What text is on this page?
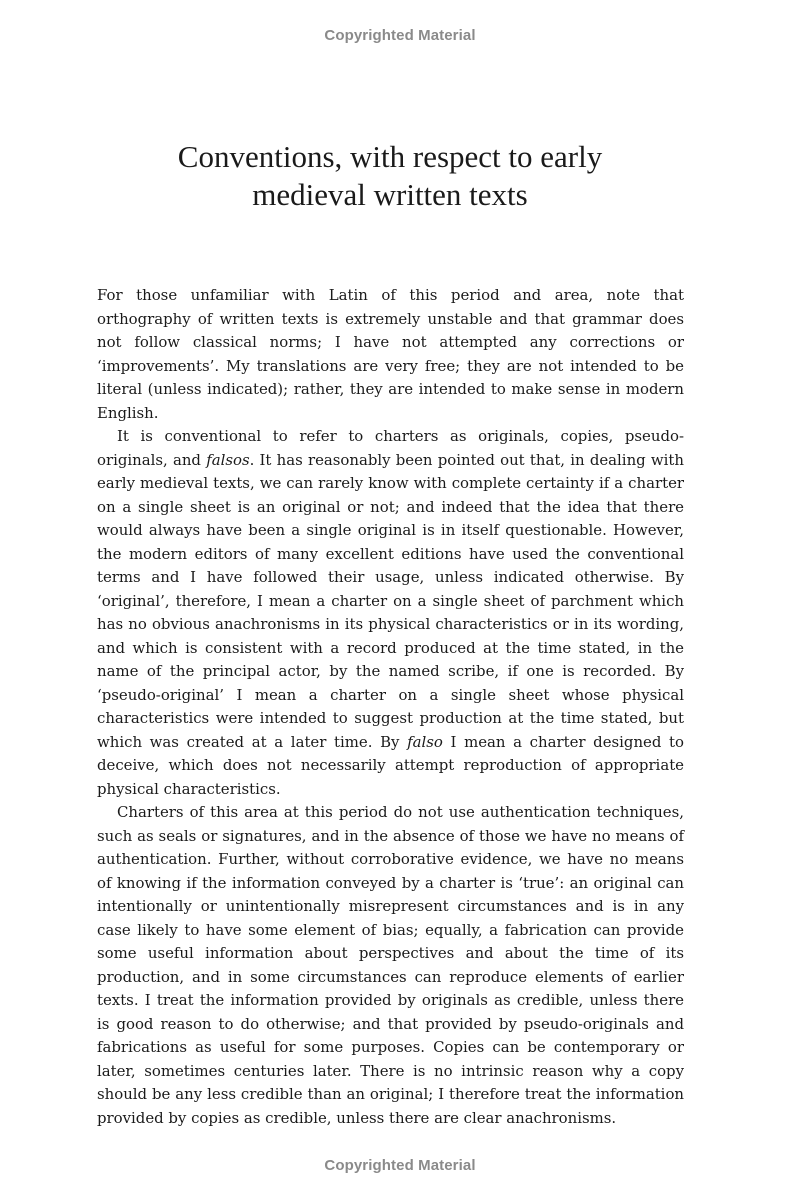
Copyrighted Material
Conventions, with respect to early
medieval written texts

For those unfamiliar with Latin of this period and area, note that orthography of written texts is extremely unstable and that grammar does not follow classical norms; I have not attempted any corrections or ‘improvements’. My translations are very free; they are not intended to be literal (unless indicated); rather, they are intended to make sense in modern English.

It is conventional to refer to charters as originals, copies, pseudo-originals, and falsos. It has reasonably been pointed out that, in dealing with early medieval texts, we can rarely know with complete certainty if a charter on a single sheet is an original or not; and indeed that the idea that there would always have been a single original is in itself questionable. However, the modern editors of many excellent editions have used the conventional terms and I have followed their usage, unless indicated otherwise. By ‘original’, therefore, I mean a charter on a single sheet of parchment which has no obvious anachronisms in its physical characteristics or in its wording, and which is consistent with a record produced at the time stated, in the name of the principal actor, by the named scribe, if one is recorded. By ‘pseudo-original’ I mean a charter on a single sheet whose physical characteristics were intended to suggest production at the time stated, but which was created at a later time. By falso I mean a charter designed to deceive, which does not necessarily attempt reproduction of appropriate physical characteristics.

Charters of this area at this period do not use authentication techniques, such as seals or signatures, and in the absence of those we have no means of authentication. Further, without corroborative evidence, we have no means of knowing if the information conveyed by a charter is ‘true’: an original can intentionally or unintentionally misrepresent circumstances and is in any case likely to have some element of bias; equally, a fabrication can provide some useful information about perspectives and about the time of its production, and in some circumstances can reproduce elements of earlier texts. I treat the information provided by originals as credible, unless there is good reason to do otherwise; and that provided by pseudo-originals and fabrications as useful for some purposes. Copies can be contemporary or later, sometimes centuries later. There is no intrinsic reason why a copy should be any less credible than an original; I therefore treat the information provided by copies as credible, unless there are clear anachronisms.

Copyrighted Material
